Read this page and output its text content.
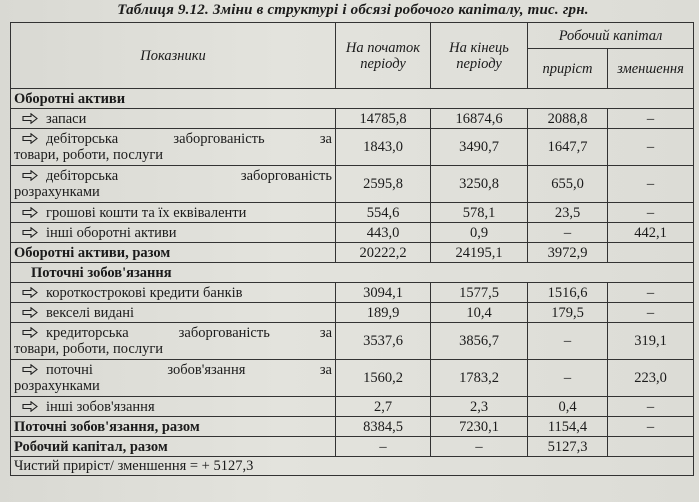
Таблиця 9.12. Зміни в структурі і обсязі робочого капіталу, тис. грн.
Показники	На початок періоду	На кінець періоду	Робочий капітал	
			приріст	зменшення
Оборотні активи				
запаси	14785,8	16874,6	2088,8	–

дебіторська заборгованість за
товари, роботи, послуги	1843,0	3490,7	1647,7	–

дебіторська заборгованість
розрахунками	2595,8	3250,8	655,0	–
грошові кошти та їх еквіваленти	554,6	578,1	23,5	–
інші оборотні активи	443,0	0,9	–	442,1
Оборотні активи, разом	20222,2	24195,1	3972,9	
Поточні зобов'язання				
короткострокові кредити банків	3094,1	1577,5	1516,6	–
векселі видані	189,9	10,4	179,5	–

кредиторська заборгованість за
товари, роботи, послуги	3537,6	3856,7	–	319,1

поточні зобов'язання за
розрахунками	1560,2	1783,2	–	223,0
інші зобов'язання	2,7	2,3	0,4	–
Поточні зобов'язання, разом	8384,5	7230,1	1154,4	–
Робочий капітал, разом	–	–	5127,3	
Чистий приріст/ зменшення = + 5127,3				
